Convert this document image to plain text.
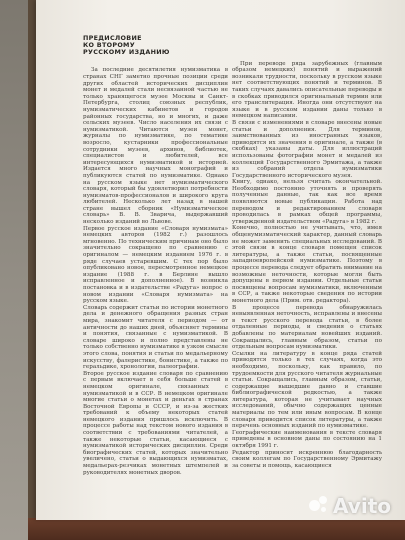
ПРЕДИСЛОВИЕ
КО ВТОРОМУ
РУССКОМУ ИЗДАНИЮ

За последние десятилетия нумизматика в странах СНГ заметно прочные позиции среди других областей исторических дисциплин монет и медалей стали несвязанной частью не только хранящегося музее Москвы и Санкт-Петербурга, столиц союзных республик, нумизматических кабинетов и городов районных государства, но и многих, и даже сельских музеев. Число населения их связи с нумизматикой. Читаются музеи монет, журналы по нумизматике, по тематике возросло, кустарники профессиональные сотрудники музеев, архивов, библиотек, специалистов и любителей, все интересующихся нумизматикой и историей. Издается много научных монографий и публикуются статей по нумизматике. Однако на русском языке нет нумизматического словаря, который бы удовлетворил потребности нумизматов-профессионалов и широкого круга любителей. Несколько лет назад в нашей стране вышел сборник «Нумизматическое словарь» В. В. Зварича, выдержавший несколько изданий во Львове.
Первое русское издание «Словаря нумизмата» немецких авторов (1982 г.) разошлось мгновенно. По техническим причинам оно было значительно сокращено по сравнению с оригиналом — немецким изданием 1976 г. в ряде случаев устаревшим. С тех пор было опубликовано новое, пересмотренное немецкое издание (1988 г. в Берлине вышло исправленное и дополненное). В возникла постановка и в издательстве «Радуга» вопрос о новом издании «Словаря нумизмата» на русском языке.
Словарь содержит статьи по истории монетного дела и денежного обращения разных стран мира, знакомит читателя с периодом — от античности до наших дней, объясняет термины и понятия, связанные с нумизматикой. В словаре широко и полно представлены не только собственно нумизматике в узком смысле этого слова, понятия и статьи по медальерному искусству, фалеристике, бонистике, а также по геральдике, хронологии, палеографии.
Второе русское издание словаря по сравнению с первым включает в себя больше статей в немецком оригинале, связанных с нумизматикой и в ССР. В немецком оригинале многие статьи о монетах и деньгах в странах Восточной Европы и СССР, и из-за жестких требований к объему некоторых статей немецкого издания пришлось исключить. В процессе работы над текстом нового издания в соответствии с требованиями читателей, а также некоторые статьи, касающиеся с нумизматикой исторических дисциплин. Среди биографических статей, которых значительно увеличено, статьи о выдающихся нумизматах, медальерах-резчиках монетных штемпелей и руководителях монетных дворов.

При переводе ряда зарубежных (главным образом немецких) понятий и выражений возникали трудности, поскольку в русском языке нет соответствующих понятий и терминов. В таких случаях давались описательные переводы и в скобках приводился оригинальный термин или его транслитерация. Иногда они отсутствуют на языке и в русском издании даны только в немецком написании.
В связи с изменениями в словаре внесены новые статьи и дополнения. Для терминов, заимствованных из иностранных языков, приводятся их значения в оригинале, а также (в скобках) указаны даты. Для иллюстраций использованы фотографии монет и медалей из коллекций Государственного Эрмитажа, а также из собраний отдела нумизматики Государственного исторического музея.
Книгу, однако, нельзя считать окончательной. Необходимо постоянно уточнять и проверять полученные данные, так как все время появляются новые публикации. Работа над переводом и редактированием словаря проводилась в рамках общей программы, утвержденной издательством «Радуга» в 1982 г.
Конечно, полностью не учитывать, что, имея общенумизматический характер, данный словарь не может заменить специальных исследований. В этой связи в конце словаря помещен список литературы, а также статьи, посвященные западноевропейской нумизматике. Поэтому в процессе перевода следует обратить внимание на возможные неточности, которые могли быть допущены в первом издании. Отдельные статьи посвящены вопросам нумизматики, включенным в ССР, а также некоторые сведения по истории монетного дела (Прим. отв. редактора).
В процессе перевода обнаружилась невыявленная неточность, исправлены и внесены в текст русского перевода статьи, в более отдаленные периоды, и сведения о статьях добавлены по материалам новейших изданий. Сокращались, главным образом, статьи по отдельным вопросам нумизматики.
Ссылки на литературу в конце ряда статей приводятся только в тех случаях, когда это необходимо, поскольку, как правило, по трудоемкости для русского читателя журнальные статьи. Сокращались, главным образом, статьи, содержащие вышедшие давно и ставшие библиографической редкостью, а также литература, которая не учитывает научных исследований, обычно содержащих ценные материалы по тем или иным вопросам. В конце словаря приводится список литературы, а также перечень основных изданий по нумизматике.
Географические наименования в тексте словаря приведены в основном даны по состоянию на 1 октября 1991 г.
Редактор приносит искреннюю благодарность своим коллегам по Государственному Эрмитажу за советы и помощь, касающиеся

Avito
